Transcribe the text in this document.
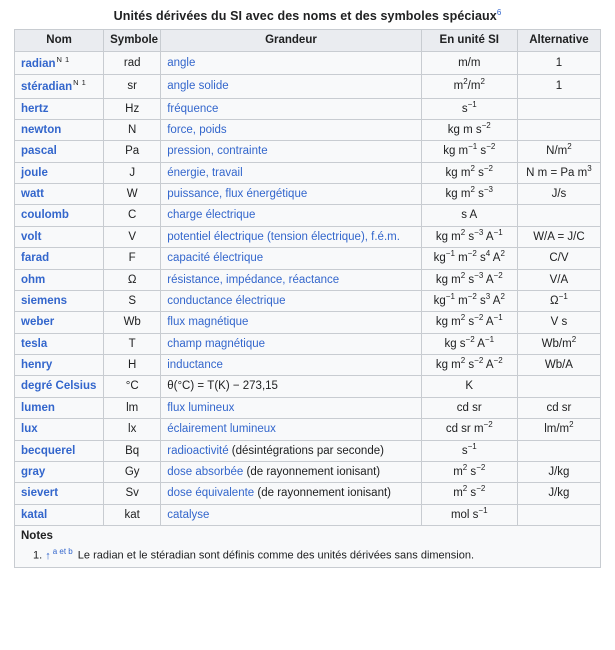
Unités dérivées du SI avec des noms et des symboles spéciaux$^6$
Nom	Symbole	Grandeur	En unité SI	Alternative
radian$^{N 1}$	rad	angle	m/m	1
stéradian$^{N 1}$	sr	angle solide	$m^2/m^2$	1
hertz	Hz	fréquence	$s^{-1}$	
newton	N	force, poids	kg m $s^{-2}$	
pascal	Pa	pression, contrainte	kg $m^{-1}$ $s^{-2}$	$N/m^2$
joule	J	énergie, travail	kg $m^2$ $s^{-2}$	N m = Pa $m^3$
watt	W	puissance, flux énergétique	kg $m^2$ $s^{-3}$	J/s
coulomb	C	charge électrique	s A	
volt	V	potentiel électrique (tension électrique), f.é.m.	kg $m^2$ $s^{-3}$ $A^{-1}$	W/A = J/C
farad	F	capacité électrique	$kg^{-1}$ $m^{-2}$ $s^4$ $A^2$	C/V
ohm	Ω	résistance, impédance, réactance	kg $m^2$ $s^{-3}$ $A^{-2}$	V/A
siemens	S	conductance électrique	$kg^{-1}$ $m^{-2}$ $s^3$ $A^2$	$\Omega^{-1}$
weber	Wb	flux magnétique	kg $m^2$ $s^{-2}$ $A^{-1}$	V s
tesla	T	champ magnétique	kg $s^{-2}$ $A^{-1}$	$Wb/m^2$
henry	H	inductance	kg $m^2$ $s^{-2}$ $A^{-2}$	Wb/A
degré Celsius	°C	θ(°C) = T(K) − 273,15	K	
lumen	lm	flux lumineux	cd sr	cd sr
lux	lx	éclairement lumineux	cd sr $m^{-2}$	$lm/m^2$
becquerel	Bq	radioactivité (désintégrations par seconde)	$s^{-1}$	
gray	Gy	dose absorbée (de rayonnement ionisant)	$m^2$ $s^{-2}$	J/kg
sievert	Sv	dose équivalente (de rayonnement ionisant)	$m^2$ $s^{-2}$	J/kg
katal	kat	catalyse	mol $s^{-1}$	

Notes
1. ↑ $^{a et b}$ Le radian et le stéradian sont définis comme des unités dérivées sans dimension.
